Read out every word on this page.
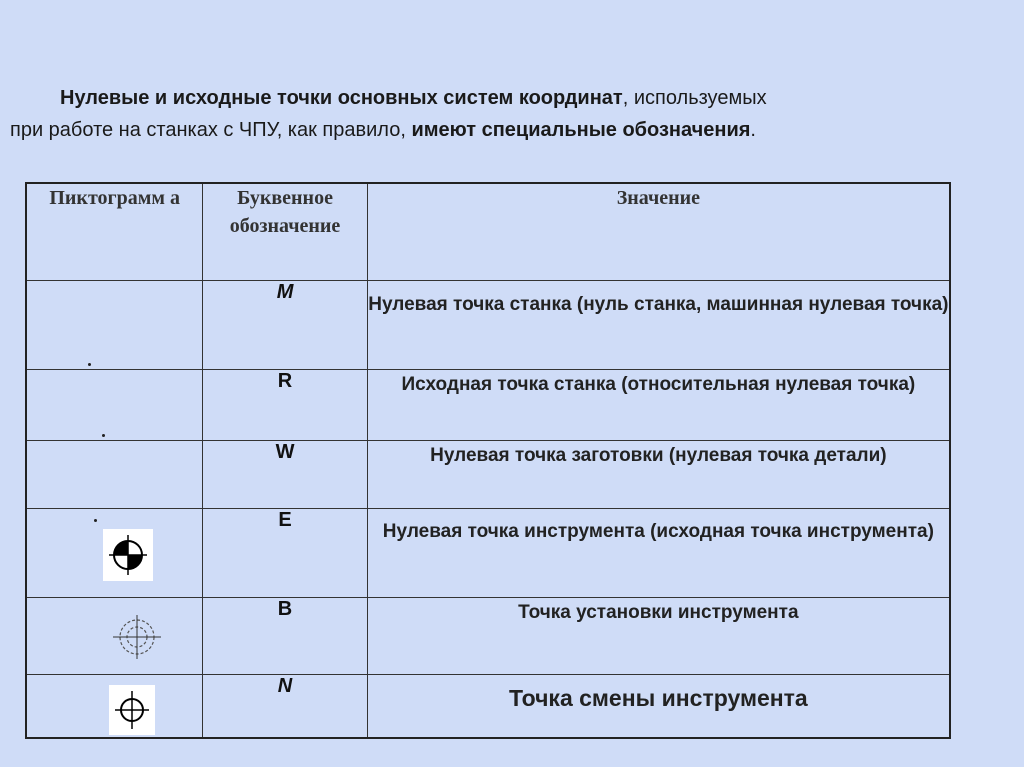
Нулевые и исходные точки основных систем координат, используемых
при работе на станках с ЧПУ, как правило, имеют специальные обозначения.
Пиктограмм а	Буквенное обозначение	Значение

	M	Нулевая точка станка (нуль станка, машинная нулевая точка)

	R	Исходная точка станка (относительная нулевая точка)
	W	Нулевая точка заготовки (нулевая точка детали)

	E	Нулевая точка инструмента (исходная точка инструмента)

	B	Точка установки инструмента

	N	Точка смены инструмента
